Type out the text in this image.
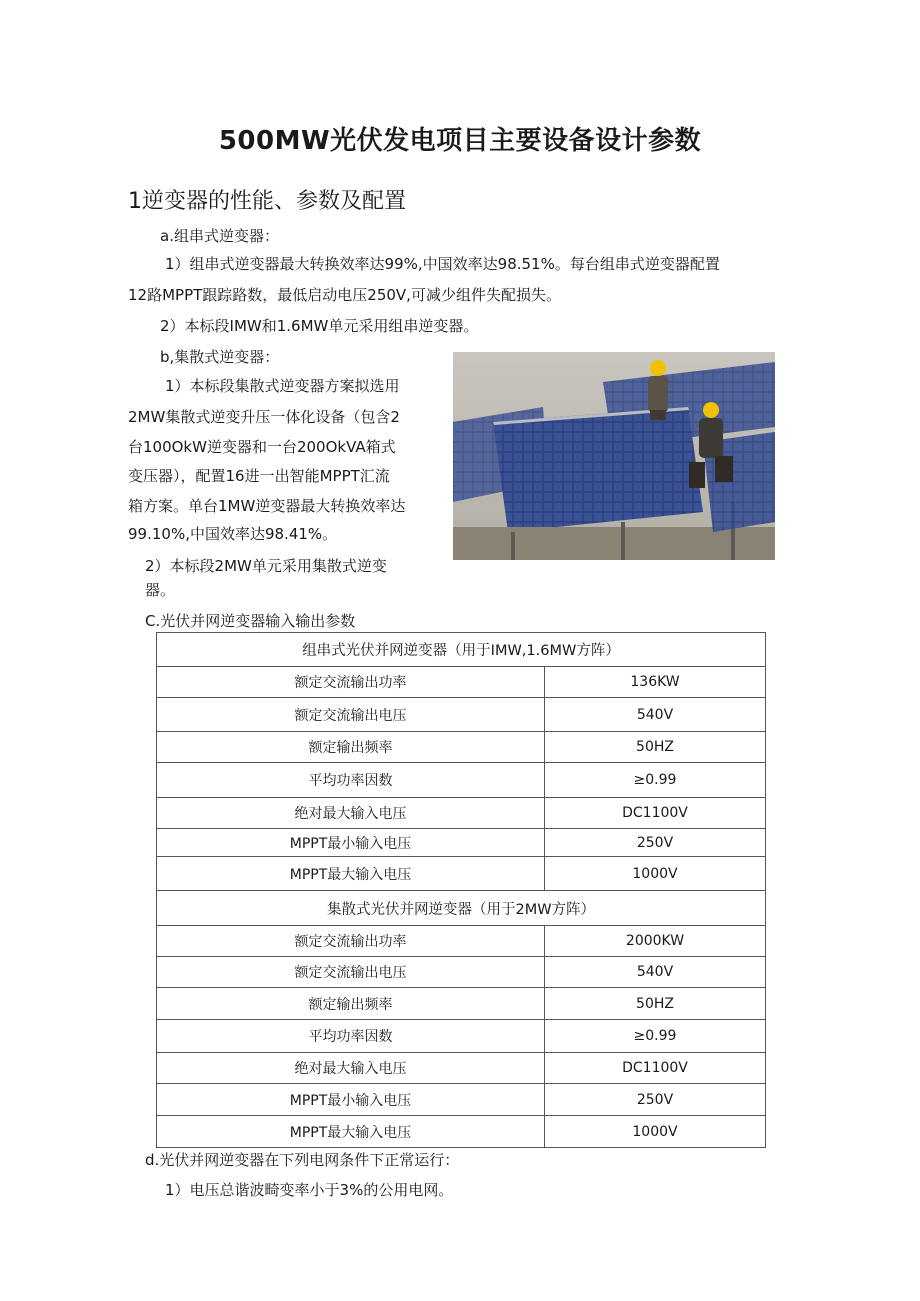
500MW光伏发电项目主要设备设计参数
1逆变器的性能、参数及配置
a.组串式逆变器：
1）组串式逆变器最大转换效率达99%,中国效率达98.51%。每台组串式逆变器配置
12路MPPT跟踪路数，最低启动电压250V,可减少组件失配损失。
2）本标段IMW和1.6MW单元采用组串逆变器。
b,集散式逆变器：
1）本标段集散式逆变器方案拟选用
2MW集散式逆变升压一体化设备（包含2
台100OkW逆变器和一台200OkVA箱式
变压器），配置16进一出智能MPPT汇流
箱方案。单台1MW逆变器最大转换效率达
99.10%,中国效率达98.41%。
2）本标段2MW单元采用集散式逆变
器。
C.光伏并网逆变器输入输出参数
组串式光伏并网逆变器（用于IMW,1.6MW方阵）	
额定交流输出功率	136KW
额定交流输出电压	540V
额定输出频率	50HZ
平均功率因数	≥0.99
绝对最大输入电压	DC1100V
MPPT最小输入电压	250V
MPPT最大输入电压	1000V
集散式光伏并网逆变器（用于2MW方阵）	
额定交流输出功率	2000KW
额定交流输出电压	540V
额定输出频率	50HZ
平均功率因数	≥0.99
绝对最大输入电压	DC1100V
MPPT最小输入电压	250V
MPPT最大输入电压	1000V
d.光伏并网逆变器在下列电网条件下正常运行：
1）电压总谐波畸变率小于3%的公用电网。
